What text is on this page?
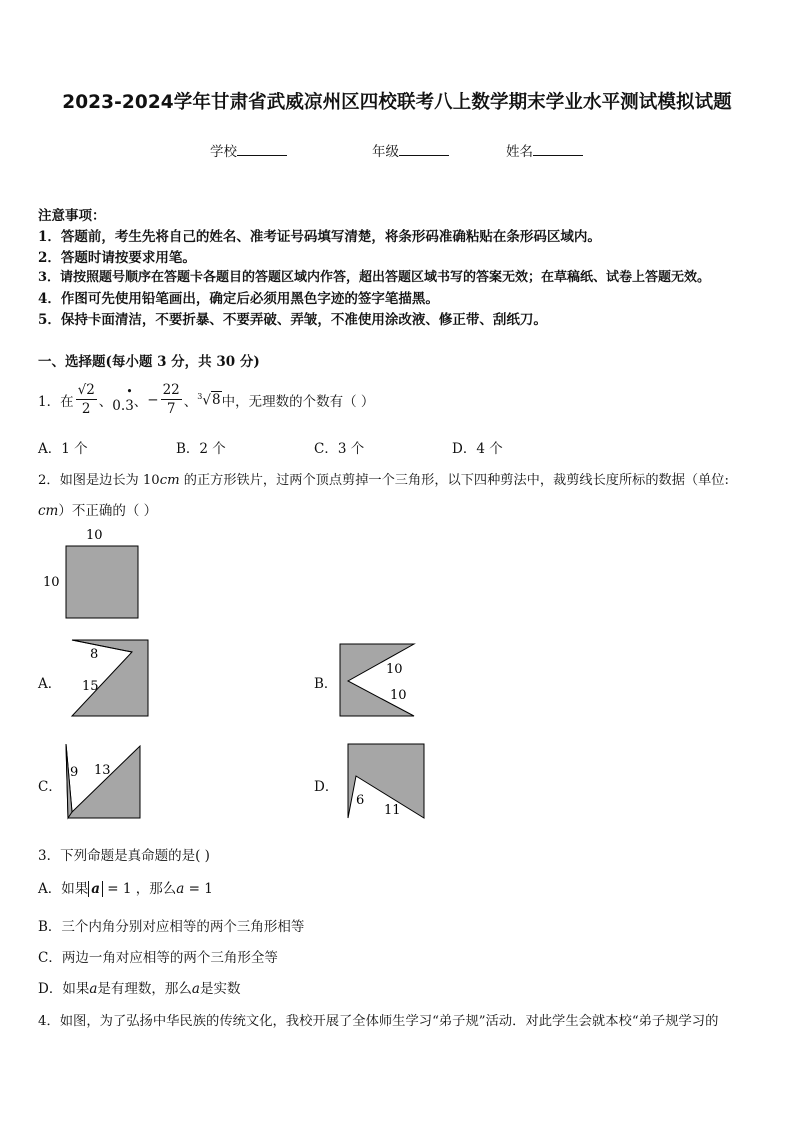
2023-2024学年甘肃省武威凉州区四校联考八上数学期末学业水平测试模拟试题
学校	年级	姓名
注意事项：
1．答题前，考生先将自己的姓名、准考证号码填写清楚，将条形码准确粘贴在条形码区域内。
2．答题时请按要求用笔。
3．请按照题号顺序在答题卡各题目的答题区域内作答，超出答题区域书写的答案无效；在草稿纸、试卷上答题无效。
4．作图可先使用铅笔画出，确定后必须用黑色字迹的签字笔描黑。
5．保持卡面清洁，不要折暴、不要弄破、弄皱，不准使用涂改液、修正带、刮纸刀。
一、选择题(每小题 3 分，共 30 分)
1．在 $\frac{√2}{2}$ 、 0.• 3 、 − $\frac{22}{7}$ 、 $^3$√8 中，无理数的个数有（ ）
A．1 个	B．2 个	C．3 个	D．4 个
2．如图是边长为 10cm 的正方形铁片，过两个顶点剪掉一个三角形，以下四种剪法中，裁剪线长度所标的数据（单位:
cm）不正确的（ ）
10
10
A．
8
15	B．
10
10
C．
9 13
D．
6
11
3．下列命题是真命题的是( )
A．如果 a = 1 ，那么a = 1
B．三个内角分别对应相等的两个三角形相等
C．两边一角对应相等的两个三角形全等
D．如果a是有理数，那么a是实数
4．如图，为了弘扬中华民族的传统文化，我校开展了全体师生学习“弟子规”活动．对此学生会就本校“弟子规学习的
